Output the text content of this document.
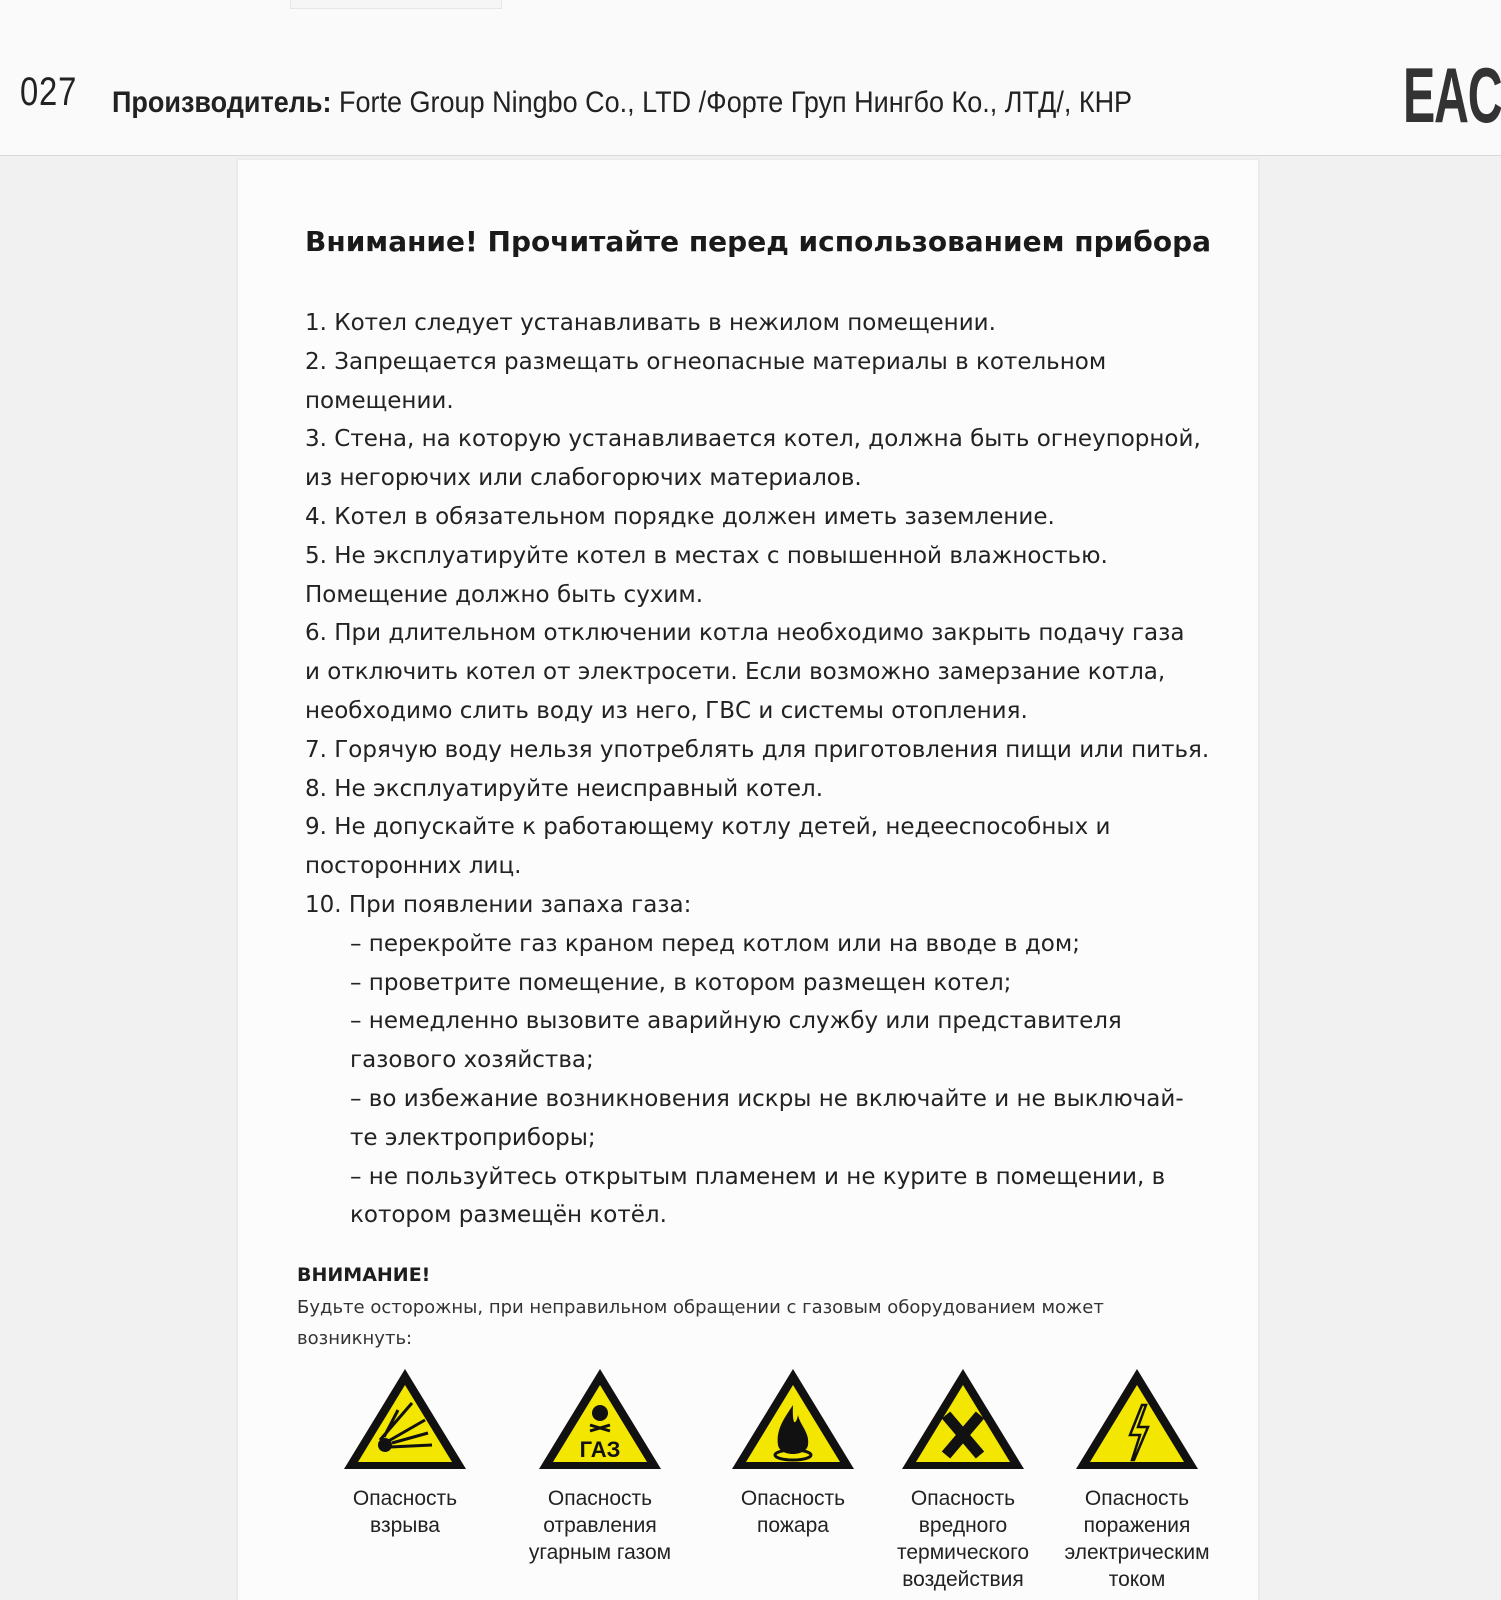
027 Производитель: Forte Group Ningbo Co., LTD /Форте Груп Нингбо Ко., ЛТД/, КНР	EAC
Внимание! Прочитайте перед использованием прибора
1. Котел следует устанавливать в нежилом помещении.
2. Запрещается размещать огнеопасные материалы в котельном
помещении.
3. Стена, на которую устанавливается котел, должна быть огнеупорной,
из негорючих или слабогорючих материалов.
4. Котел в обязательном порядке должен иметь заземление.
5. Не эксплуатируйте котел в местах с повышенной влажностью.
Помещение должно быть сухим.
6. При длительном отключении котла необходимо закрыть подачу газа
и отключить котел от электросети. Если возможно замерзание котла,
необходимо слить воду из него, ГВС и системы отопления.
7. Горячую воду нельзя употреблять для приготовления пищи или питья.
8. Не эксплуатируйте неисправный котел.
9. Не допускайте к работающему котлу детей, недееспособных и
посторонних лиц.
10. При появлении запаха газа:
– перекройте газ краном перед котлом или на вводе в дом;
– проветрите помещение, в котором размещен котел;
– немедленно вызовите аварийную службу или представителя
газового хозяйства;
– во избежание возникновения искры не включайте и не выключай-
те электроприборы;
– не пользуйтесь открытым пламенем и не курите в помещении, в
котором размещён котёл.
ВНИМАНИЕ!
Будьте осторожны, при неправильном обращении с газовым оборудованием может возникнуть:
Опасность
взрыва
ГАЗ
Опасность
отравления
угарным газом
Опасность
пожара
Опасность
вредного
термического
воздействия
Опасность
поражения
электрическим
током
